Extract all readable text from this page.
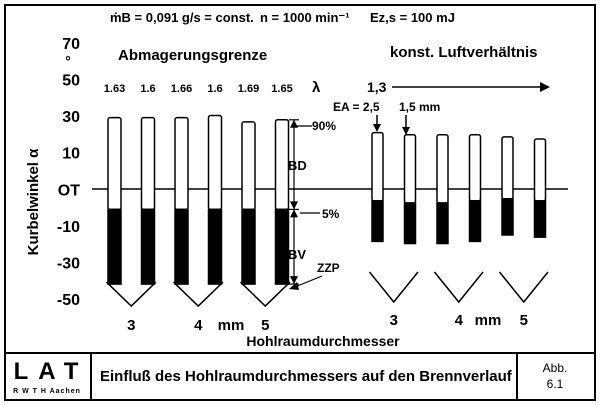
ṁB = 0,091 g/s = const. n = 1000 min⁻¹ Ez,s = 100 mJ
Kurbelwinkel α
°	Abmagerungsgrenze	konst. Luftverhältnis
λ	1,3
EA = 2,5 1,5 mm
90%
5%
ZZP
BD
BV
Hohlraumdurchmesser
70
50
30
10
OT
-10
-30
-50
1.63 1.6 1.66 1.6 1.69 1.65
3	4	5
mm	3	4	5
mm
LAT
R W T H Aachen
Einfluß des Hohlraumdurchmessers auf den Brennverlauf	Abb.
6.1
